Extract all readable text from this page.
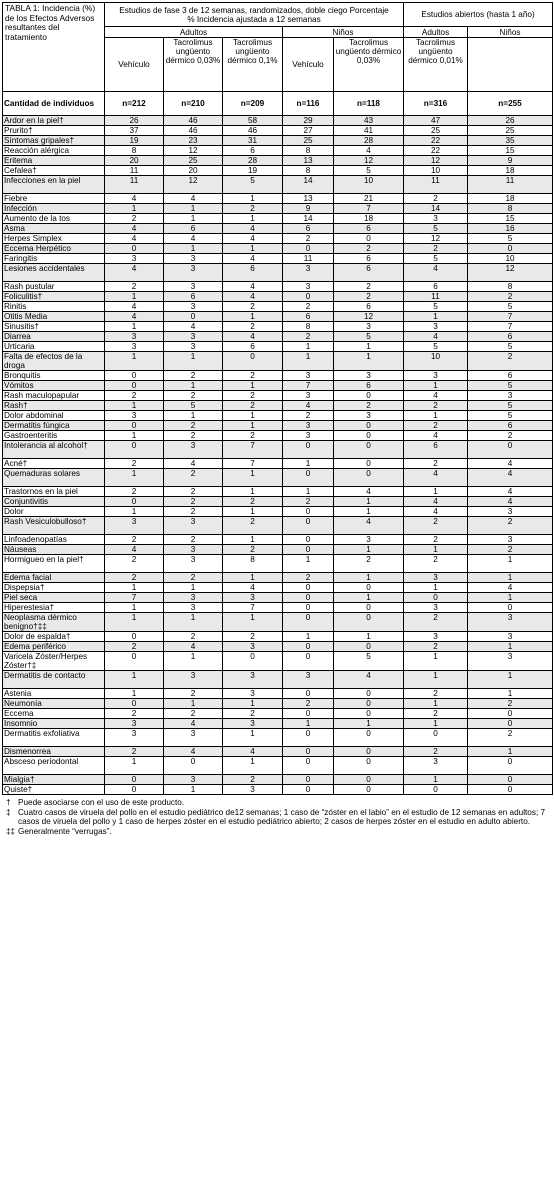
TABLA 1: Incidencia (%) de los Efectos Adversos resultantes del tratamiento	Estudios de fase 3 de 12 semanas, randomizados, doble ciego Porcentaje % Incidencia ajustada a 12 semanas					Estudios abiertos (hasta 1 año)	
	Adultos			Niños		Adultos	Niños
	Vehículo	Tacrolimus ungüento dérmico 0,03%	Tacrolimus ungüento dérmico 0,1%	Vehículo	Tacrolimus ungüento dérmico 0,03%	Tacrolimus ungüento dérmico 0,01%	
Cantidad de individuos	n=212	n=210	n=209	n=116	n=118	n=316	n=255
Ardor en la piel†	26	46	58	29	43	47	26
Prurito†	37	46	46	27	41	25	25
Síntomas gripales†	19	23	31	25	28	22	35
Reacción alérgica	8	12	6	8	4	22	15
Eritema	20	25	28	13	12	12	9
Cefalea†	11	20	19	8	5	10	18
Infecciones en la piel	11	12	5	14	10	11	11
Fiebre	4	4	1	13	21	2	18
Infección	1	1	2	9	7	14	8
Aumento de la tos	2	1	1	14	18	3	15
Asma	4	6	4	6	6	5	16
Herpes Simplex	4	4	4	2	0	12	5
Eccema Herpético	0	1	1	0	2	2	0
Faringitis	3	3	4	11	6	5	10
Lesiones accidentales	4	3	6	3	6	4	12
Rash pustular	2	3	4	3	2	6	8
Foliculitis†	1	6	4	0	2	11	2
Rinitis	4	3	2	2	6	5	5
Otitis Media	4	0	1	6	12	1	7
Sinusitis†	1	4	2	8	3	3	7
Diarrea	3	3	4	2	5	4	6
Urticaria	3	3	6	1	1	5	5
Falta de efectos de la droga	1	1	0	1	1	10	2
Bronquitis	0	2	2	3	3	3	6
Vómitos	0	1	1	7	6	1	5
Rash maculopapular	2	2	2	3	0	4	3
Rash†	1	5	2	4	2	2	5
Dolor abdominal	3	1	1	2	3	1	5
Dermatitis fúngica	0	2	1	3	0	2	6
Gastroenteritis	1	2	2	3	0	4	2
Intolerancia al alcohol†	0	3	7	0	0	6	0
Acné†	2	4	7	1	0	2	4
Quemaduras solares	1	2	1	0	0	4	4
Trastornos en la piel	2	2	1	1	4	1	4
Conjuntivitis	0	2	2	2	1	4	4
Dolor	1	2	1	0	1	4	3
Rash Vesiculobulloso†	3	3	2	0	4	2	2
Linfoadenopatías	2	2	1	0	3	2	3
Náuseas	4	3	2	0	1	1	2
Hormigueo en la piel†	2	3	8	1	2	2	1
Edema facial	2	2	1	2	1	3	1
Dispepsia†	1	1	4	0	0	1	4
Piel seca	7	3	3	0	1	0	1
Hiperestesia†	1	3	7	0	0	3	0
Neoplasma dérmico benigno†‡‡	1	1	1	0	0	2	3
Dolor de espalda†	0	2	2	1	1	3	3
Edema periférico	2	4	3	0	0	2	1
Varicela Zóster/Herpes Zóster†‡	0	1	0	0	5	1	3
Dermatitis de contacto	1	3	3	3	4	1	1
Astenia	1	2	3	0	0	2	1
Neumonía	0	1	1	2	0	1	2
Eccema	2	2	2	0	0	2	0
Insomnio	3	4	3	1	1	1	0
Dermatitis exfoliativa	3	3	1	0	0	0	2
Dismenorrea	2	4	4	0	0	2	1
Absceso periodontal	1	0	1	0	0	3	0
Mialgia†	0	3	2	0	0	1	0
Quiste†	0	1	3	0	0	0	0
† Puede asociarse con el uso de este producto.
‡ Cuatro casos de viruela del pollo en el estudio pediátrico de12 semanas; 1 caso de “zóster en el labio” en el estudio de 12 semanas en adultos; 7 casos de viruela del pollo y 1 caso de herpes zóster en el estudio pediátrico abierto; 2 casos de herpes zóster en el estudio en adulto abierto.
‡‡ Generalmente “verrugas”.
